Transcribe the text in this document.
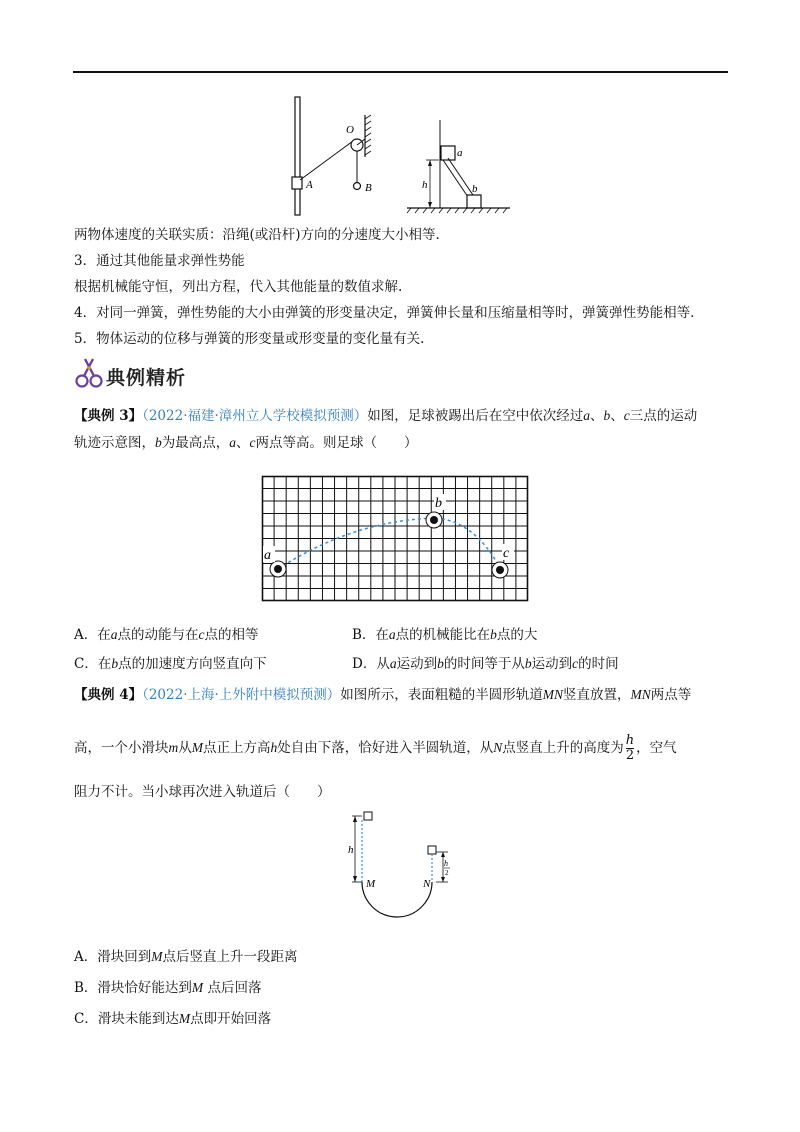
O
A	B	h
a
b
两物体速度的关联实质：沿绳(或沿杆)方向的分速度大小相等.
3．通过其他能量求弹性势能
根据机械能守恒，列出方程，代入其他能量的数值求解.
4．对同一弹簧，弹性势能的大小由弹簧的形变量决定，弹簧伸长量和压缩量相等时，弹簧弹性势能相等.
5．物体运动的位移与弹簧的形变量或形变量的变化量有关.
典例精析
【典例 3】（2022·福建·漳州立人学校模拟预测）如图，足球被踢出后在空中依次经过a、b、c三点的运动
轨迹示意图，b为最高点，a、c两点等高。则足球（　　）
a
b
c
A．在a点的动能与在c点的相等	B．在a点的机械能比在b点的大
C．在b点的加速度方向竖直向下	D．从a运动到b的时间等于从b运动到c的时间
【典例 4】（2022·上海·上外附中模拟预测）如图所示，表面粗糙的半圆形轨道MN竖直放置，MN两点等
高，一个小滑块m从M点正上方高h处自由下落，恰好进入半圆轨道，从N点竖直上升的高度为 $\frac{h}{2}$ ，空气
阻力不计。当小球再次进入轨道后（　　）
h
M	N
h
2
A．滑块回到M点后竖直上升一段距离
B．滑块恰好能达到M 点后回落
C．滑块未能到达M点即开始回落
